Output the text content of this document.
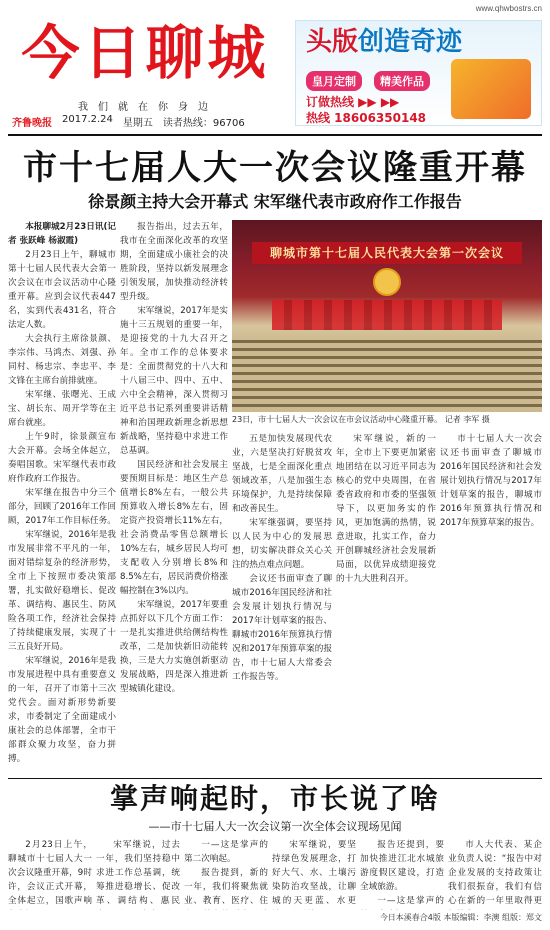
www.qhwbostrs.cn
今日聊城
我们就在你身边
齐鲁晚报 2017.2.24 星期五 读者热线：96706
头版创造奇迹
皇月定制	精美作品
订做热线 ▶▶ ▶▶
热线 18606350148
市十七届人大一次会议隆重开幕
徐景颜主持大会开幕式 宋军继代表市政府作工作报告

本报聊城2月23日讯(记者 张跃峰 杨淑霞)

2月23日上午，聊城市第十七届人民代表大会第一次会议在市会议活动中心隆重开幕。应到会议代表447名，实到代表431名，符合法定人数。

大会执行主席徐景颜、李宗伟、马鸿杰、刘强、孙同村、杨忠宗、李忠平、李文锋在主席台前排就座。

宋军继、张曙光、王成宝、胡长东、周开学等在主席台就座。

上午9时，徐景颜宣布大会开幕。会场全体起立，奏唱国歌。宋军继代表市政府作政府工作报告。

宋军继在报告中分三个部分，回顾了2016年工作回顾，2017年工作目标任务。

宋军继说，2016年是我市发展非常不平凡的一年，面对错综复杂的经济形势，全市上下按照市委决策部署，扎实做好稳增长、促改革、调结构、惠民生、防风险各项工作，经济社会保持了持续健康发展，实现了十三五良好开局。

宋军继说，2016年是我市发展进程中具有重要意义的一年，召开了市第十三次党代会。面对新形势新要求，市委制定了全面建成小康社会的总体部署，全市干部群众聚力攻坚，奋力拼搏。

报告指出，过去五年，我市在全面深化改革的攻坚期，全面建成小康社会的决胜阶段，坚持以新发展理念引领发展，加快推动经济转型升级。

宋军继说，2017年是实施十三五规划的重要一年，是迎接党的十九大召开之年。全市工作的总体要求是：全面贯彻党的十八大和十八届三中、四中、五中、六中全会精神，深入贯彻习近平总书记系列重要讲话精神和治国理政新理念新思想新战略，坚持稳中求进工作总基调。

国民经济和社会发展主要预期目标是：地区生产总值增长8%左右，一般公共预算收入增长8%左右，固定资产投资增长11%左右，社会消费品零售总额增长10%左右，城乡居民人均可支配收入分别增长8%和8.5%左右，居民消费价格涨幅控制在3%以内。

宋军继说，2017年要重点抓好以下几个方面工作：一是扎实推进供给侧结构性改革，二是加快新旧动能转换，三是大力实施创新驱动发展战略，四是深入推进新型城镇化建设。

聊城市第十七届人民代表大会第一次会议
23日，市十七届人大一次会议在市会议活动中心隆重开幕。 记者 李军 摄

五是加快发展现代农业，六是坚决打好脱贫攻坚战，七是全面深化重点领域改革，八是加强生态环境保护，九是持续保障和改善民生。

宋军继强调，要坚持以人民为中心的发展思想，切实解决群众关心关注的热点难点问题。

会议还书面审查了聊城市2016年国民经济和社会发展计划执行情况与2017年计划草案的报告、聊城市2016年预算执行情况和2017年预算草案的报告，市十七届人大常委会工作报告等。

宋军继说，新的一年，全市上下要更加紧密地团结在以习近平同志为核心的党中央周围，在省委省政府和市委的坚强领导下，以更加务实的作风，更加饱满的热情，锐意进取，扎实工作，奋力开创聊城经济社会发展新局面，以优异成绩迎接党的十九大胜利召开。

市十七届人大一次会议还书面审查了聊城市2016年国民经济和社会发展计划执行情况与2017年计划草案的报告，聊城市2016年预算执行情况和2017年预算草案的报告。

掌声响起时，市长说了啥
——市十七届人大一次会议第一次全体会议现场见闻

2月23日上午，聊城市十七届人大一次会议隆重开幕，9时许，会议正式开幕，全体起立，国歌声响

宋军继说，过去一年，我们坚持稳中求进工作总基调，统筹推进稳增长、促改革、调结构、惠民

一—这是掌声的第二次响起。

报告提到，新的一年，我们将聚焦就业、教育、医疗、住

宋军继说，要坚持绿色发展理念，打好大气、水、土壤污染防治攻坚战，让聊城的天更蓝、水更

报告还提到，要加快推进江北水城旅游度假区建设，打造全域旅游。

一—这是掌声的

市人大代表、某企业负责人说：“报告中对企业发展的支持政策让我们很振奋，我们有信心在新的一年里取得更

今日本溪春合4版 本版编辑：李澳 组版：郑文
